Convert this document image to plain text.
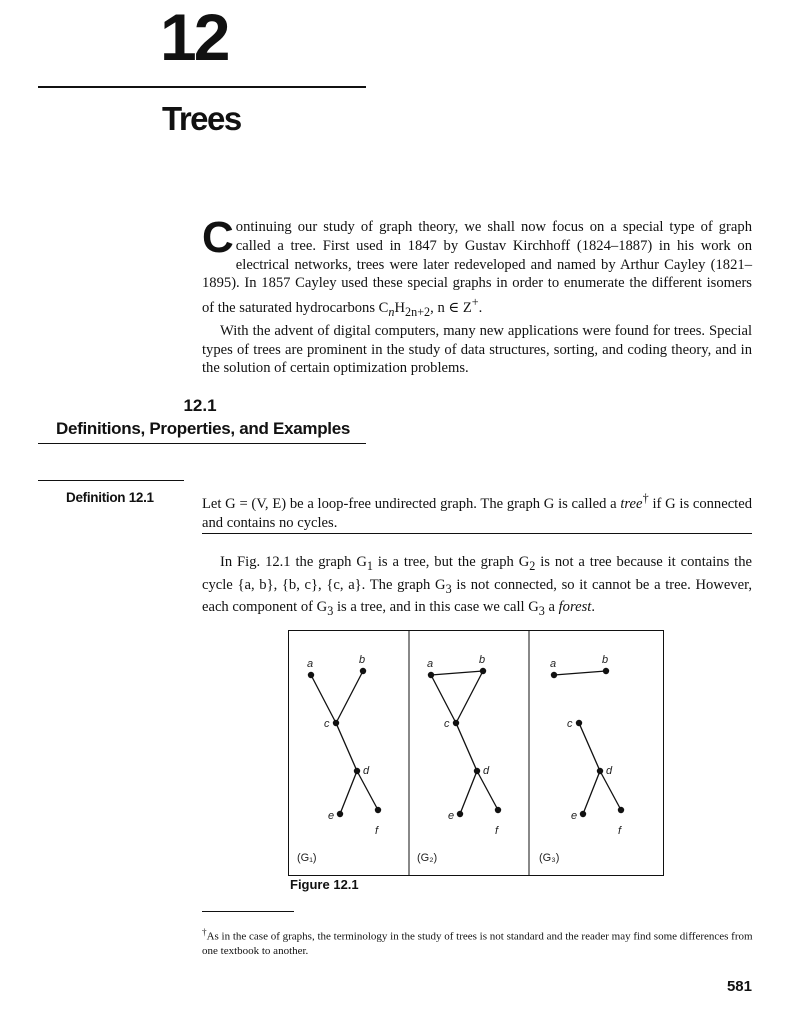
12
Trees

Continuing our study of graph theory, we shall now focus on a special type of graph called a tree. First used in 1847 by Gustav Kirchhoff (1824–1887) in his work on electrical networks, trees were later redeveloped and named by Arthur Cayley (1821–1895). In 1857 Cayley used these special graphs in order to enumerate the different isomers of the saturated hydrocarbons $C_nH_{2n+2}$, n ∈ Z+.

With the advent of digital computers, many new applications were found for trees. Special types of trees are prominent in the study of data structures, sorting, and coding theory, and in the solution of certain optimization problems.

12.1
Definitions, Properties, and Examples
Definition 12.1	Let G = (V, E) be a loop-free undirected graph. The graph G is called a tree† if G is connected and contains no cycles.
In Fig. 12.1 the graph $G_1$ is a tree, but the graph $G_2$ is not a tree because it contains the cycle {a, b}, {b, c}, {c, a}. The graph $G_3$ is not connected, so it cannot be a tree. However, each component of $G_3$ is a tree, and in this case we call $G_3$ a forest.
a	b
c
d
e
f
(G₁)
a	b
c
d
e
f
(G₂)
a	b
c
d
e
f
(G₃)
Figure 12.1
†As in the case of graphs, the terminology in the study of trees is not standard and the reader may find some differences from one textbook to another.
581
